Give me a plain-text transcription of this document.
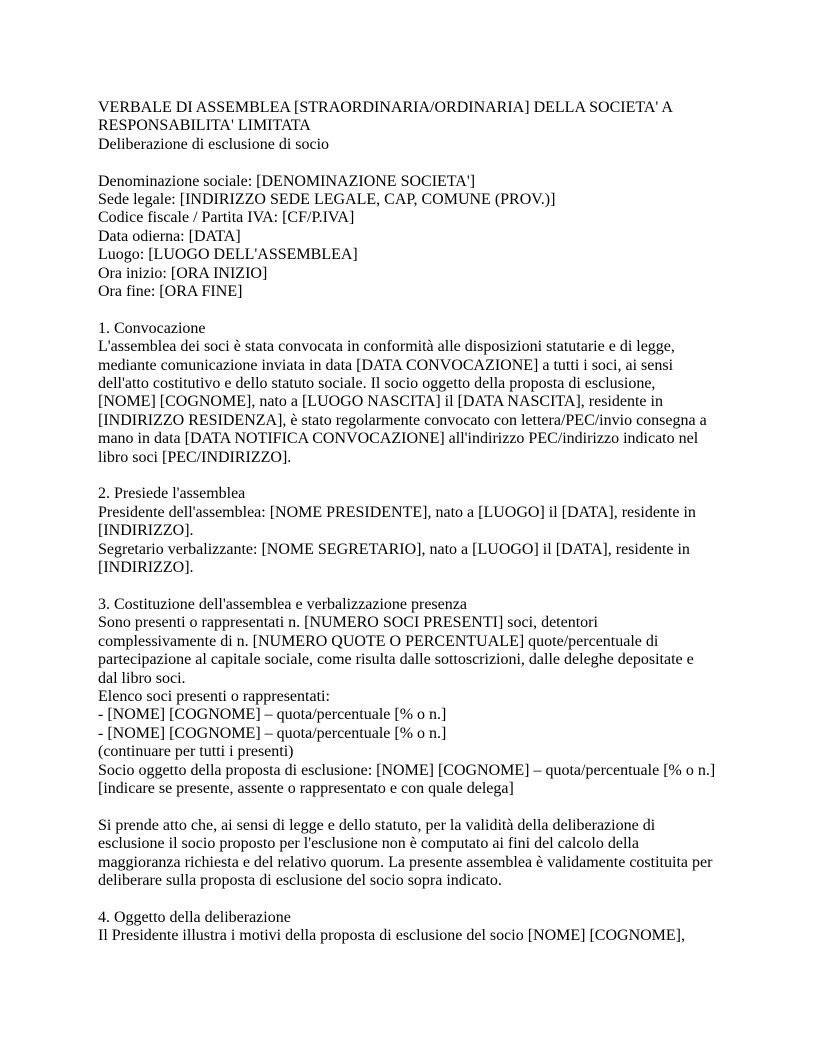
VERBALE DI ASSEMBLEA [STRAORDINARIA/ORDINARIA] DELLA SOCIETA' A
RESPONSABILITA' LIMITATA
Deliberazione di esclusione di socio

Denominazione sociale: [DENOMINAZIONE SOCIETA']
Sede legale: [INDIRIZZO SEDE LEGALE, CAP, COMUNE (PROV.)]
Codice fiscale / Partita IVA: [CF/P.IVA]
Data odierna: [DATA]
Luogo: [LUOGO DELL'ASSEMBLEA]
Ora inizio: [ORA INIZIO]
Ora fine: [ORA FINE]

1. Convocazione
L'assemblea dei soci è stata convocata in conformità alle disposizioni statutarie e di legge,
mediante comunicazione inviata in data [DATA CONVOCAZIONE] a tutti i soci, ai sensi
dell'atto costitutivo e dello statuto sociale. Il socio oggetto della proposta di esclusione,
[NOME] [COGNOME], nato a [LUOGO NASCITA] il [DATA NASCITA], residente in
[INDIRIZZO RESIDENZA], è stato regolarmente convocato con lettera/PEC/invio consegna a
mano in data [DATA NOTIFICA CONVOCAZIONE] all'indirizzo PEC/indirizzo indicato nel
libro soci [PEC/INDIRIZZO].

2. Presiede l'assemblea
Presidente dell'assemblea: [NOME PRESIDENTE], nato a [LUOGO] il [DATA], residente in
[INDIRIZZO].
Segretario verbalizzante: [NOME SEGRETARIO], nato a [LUOGO] il [DATA], residente in
[INDIRIZZO].

3. Costituzione dell'assemblea e verbalizzazione presenza
Sono presenti o rappresentati n. [NUMERO SOCI PRESENTI] soci, detentori
complessivamente di n. [NUMERO QUOTE O PERCENTUALE] quote/percentuale di
partecipazione al capitale sociale, come risulta dalle sottoscrizioni, dalle deleghe depositate e
dal libro soci.
Elenco soci presenti o rappresentati:
- [NOME] [COGNOME] – quota/percentuale [% o n.]
- [NOME] [COGNOME] – quota/percentuale [% o n.]
(continuare per tutti i presenti)
Socio oggetto della proposta di esclusione: [NOME] [COGNOME] – quota/percentuale [% o n.]
[indicare se presente, assente o rappresentato e con quale delega]

Si prende atto che, ai sensi di legge e dello statuto, per la validità della deliberazione di
esclusione il socio proposto per l'esclusione non è computato ai fini del calcolo della
maggioranza richiesta e del relativo quorum. La presente assemblea è validamente costituita per
deliberare sulla proposta di esclusione del socio sopra indicato.

4. Oggetto della deliberazione
Il Presidente illustra i motivi della proposta di esclusione del socio [NOME] [COGNOME],
